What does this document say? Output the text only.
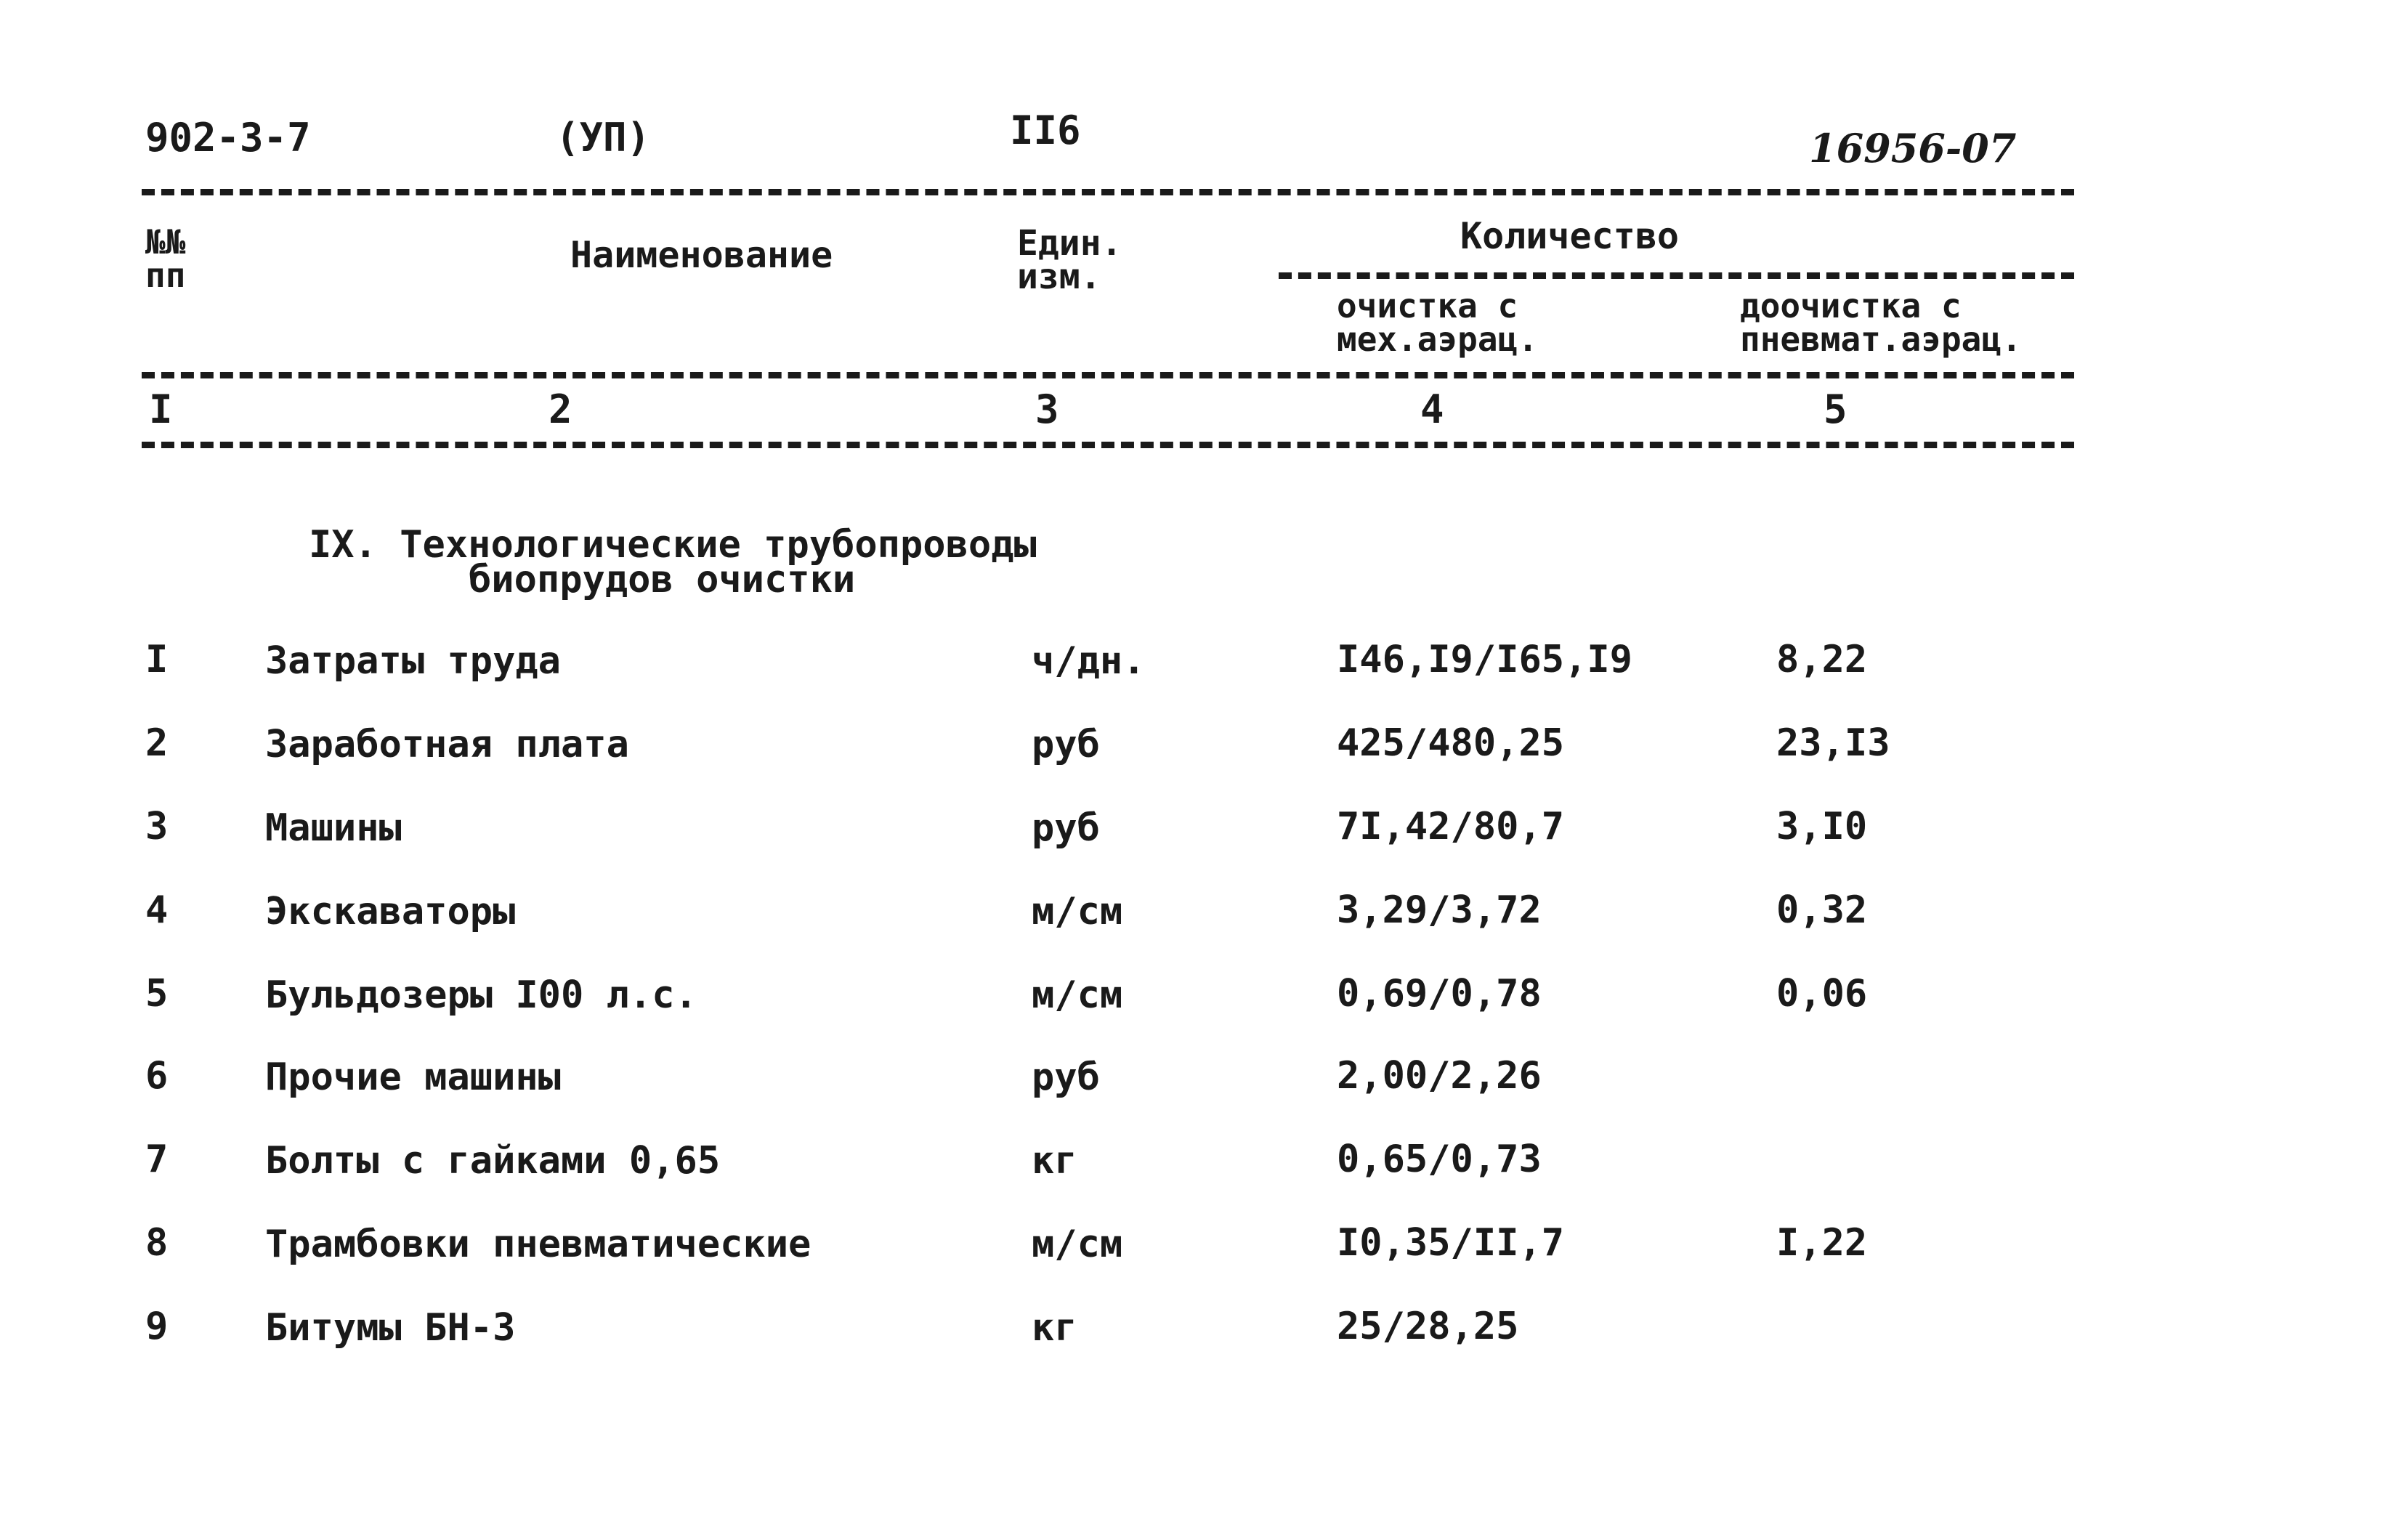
902-3-7	(УП)	II6	16956-07
№№
пп	Наименование	Един.
изм.
Количество
очистка с
мех.аэрац.
доочистка с
пневмат.аэрац.
I	2	3	4	5
IX. Технологические трубопроводы
биопрудов очистки
I	Затраты труда	ч/дн.	I46,I9/I65,I9	8,22
2	Заработная плата	руб	425/480,25	23,I3
3	Машины	руб	7I,42/80,7	3,I0
4	Экскаваторы	м/см	3,29/3,72	0,32
5	Бульдозеры I00 л.с.	м/см	0,69/0,78	0,06
6	Прочие машины	руб	2,00/2,26
7	Болты с гайками 0,65	кг	0,65/0,73
8	Трамбовки пневматические	м/см	I0,35/II,7	I,22
9	Битумы БН-3	кг	25/28,25
